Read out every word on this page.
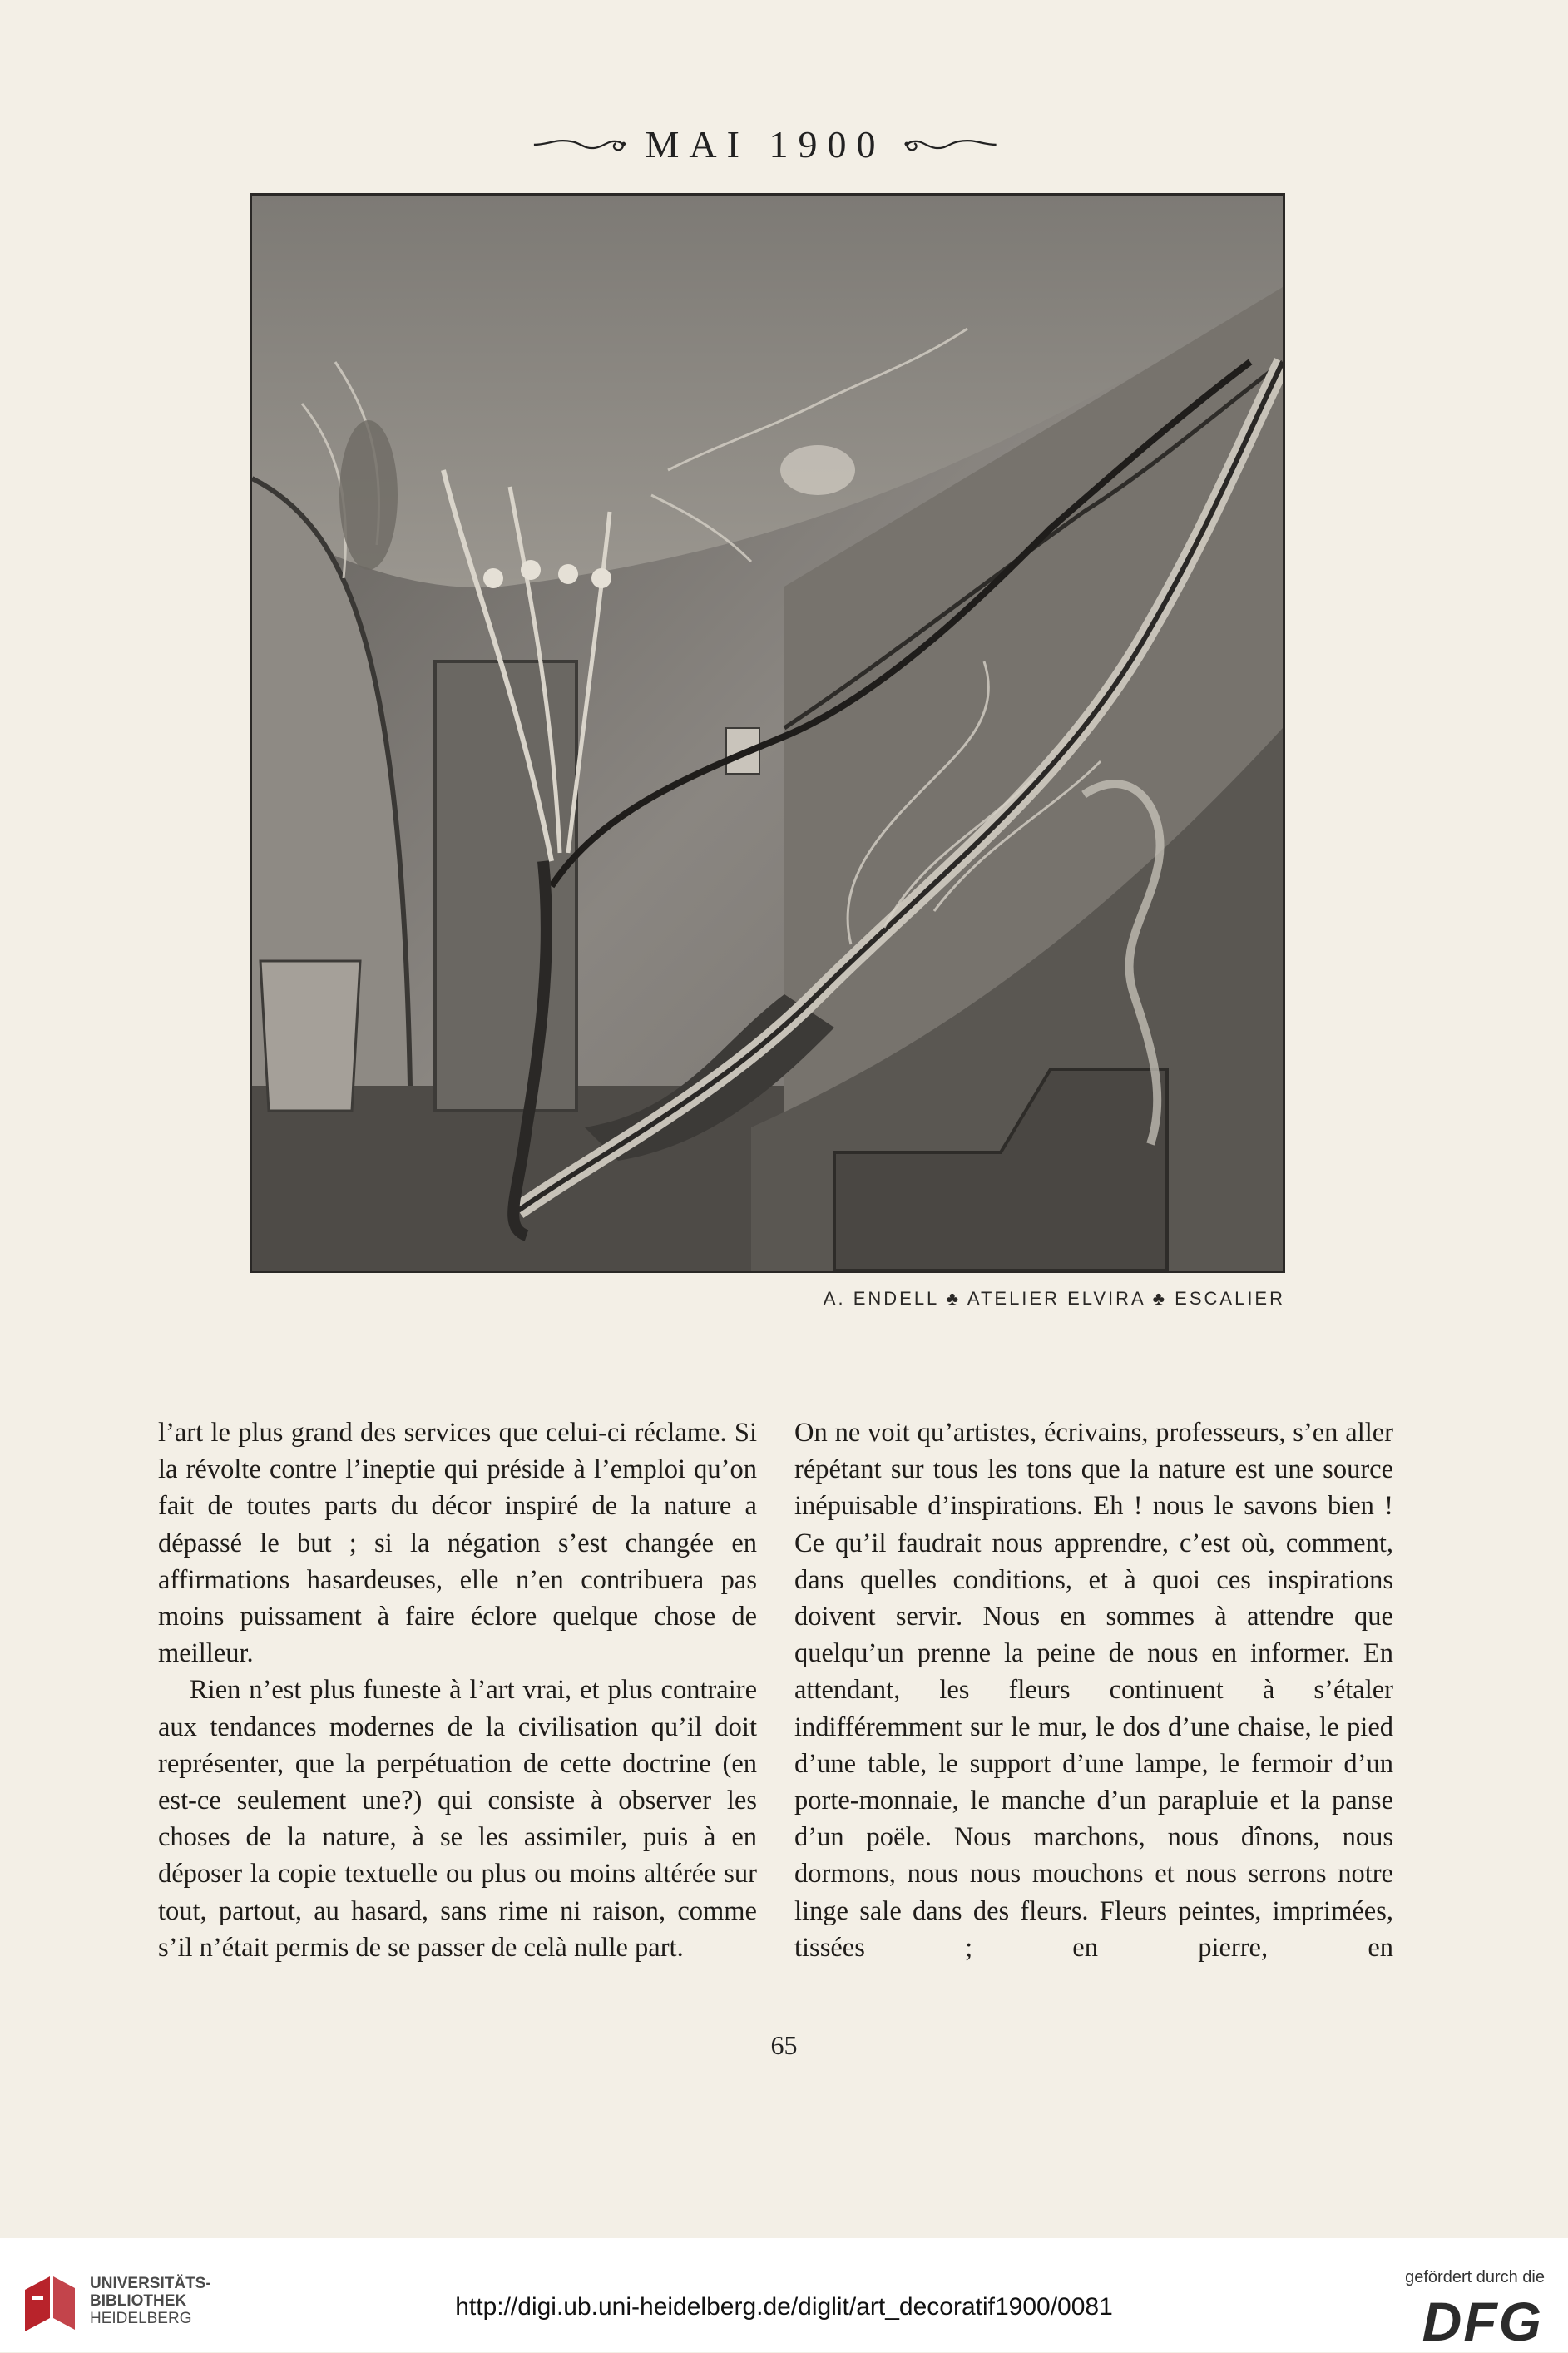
MAI 1900
A. ENDELL ♣ ATELIER ELVIRA ♣ ESCALIER

l’art le plus grand des services que celui-ci réclame. Si la révolte contre l’ineptie qui préside à l’emploi qu’on fait de toutes parts du décor inspiré de la nature a dépassé le but ; si la négation s’est changée en affirmations hasardeuses, elle n’en contribuera pas moins puissament à faire éclore quelque chose de meilleur.

Rien n’est plus funeste à l’art vrai, et plus contraire aux tendances modernes de la civilisation qu’il doit représenter, que la perpétuation de cette doctrine (en est-ce seulement une?) qui consiste à observer les choses de la nature, à se les assimiler, puis à en déposer la copie textuelle ou plus ou moins altérée sur tout, partout, au hasard, sans rime ni raison, comme s’il n’était permis de se passer de celà nulle part.

On ne voit qu’artistes, écrivains, professeurs, s’en aller répétant sur tous les tons que la nature est une source inépuisable d’inspirations. Eh ! nous le savons bien ! Ce qu’il faudrait nous apprendre, c’est où, comment, dans quelles conditions, et à quoi ces inspirations doivent servir. Nous en sommes à attendre que quelqu’un prenne la peine de nous en informer. En attendant, les fleurs continuent à s’étaler indifféremment sur le mur, le dos d’une chaise, le pied d’une table, le support d’une lampe, le fermoir d’un porte-monnaie, le manche d’un parapluie et la panse d’un poële. Nous marchons, nous dînons, nous dormons, nous nous mouchons et nous serrons notre linge sale dans des fleurs. Fleurs peintes, imprimées, tissées ; en pierre, en

65
UNIVERSITÄTS-
BIBLIOTHEK
HEIDELBERG	http://digi.ub.uni-heidelberg.de/diglit/art_decoratif1900/0081
gefördert durch die
DFG
